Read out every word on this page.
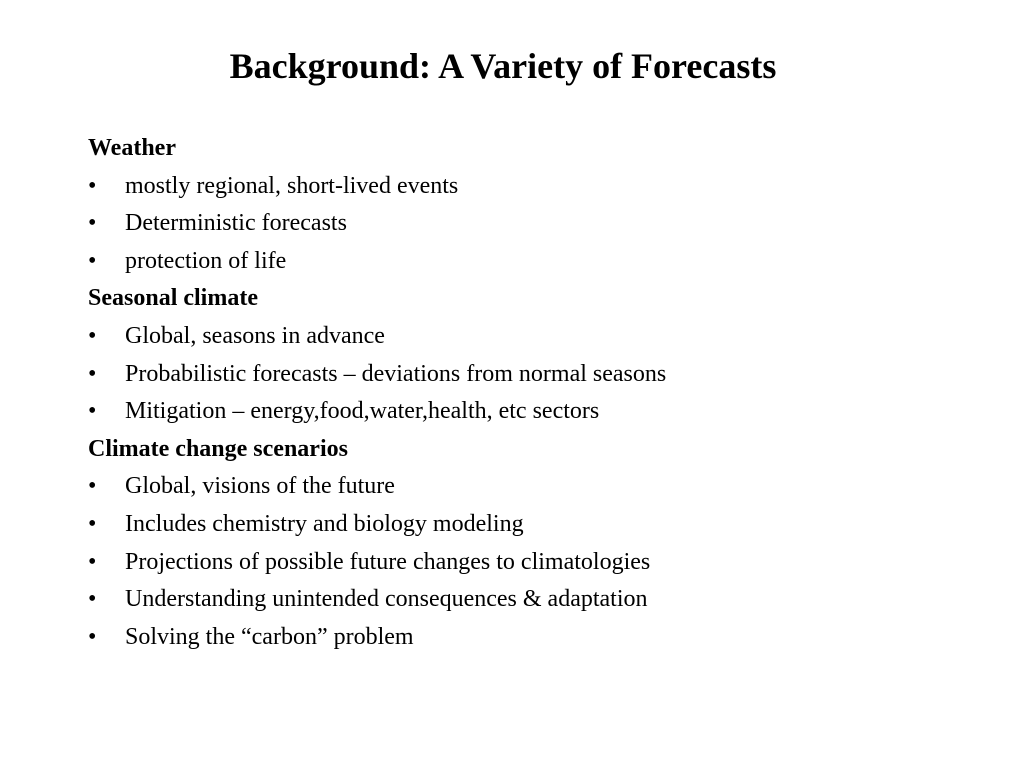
Background: A Variety of Forecasts
Weather
• mostly regional, short-lived events
• Deterministic forecasts
• protection of life
Seasonal climate
• Global, seasons in advance
• Probabilistic forecasts – deviations from normal seasons
• Mitigation – energy,food,water,health, etc sectors
Climate change scenarios
• Global, visions of the future
• Includes chemistry and biology modeling
• Projections of possible future changes to climatologies
• Understanding unintended consequences & adaptation
• Solving the “carbon” problem
